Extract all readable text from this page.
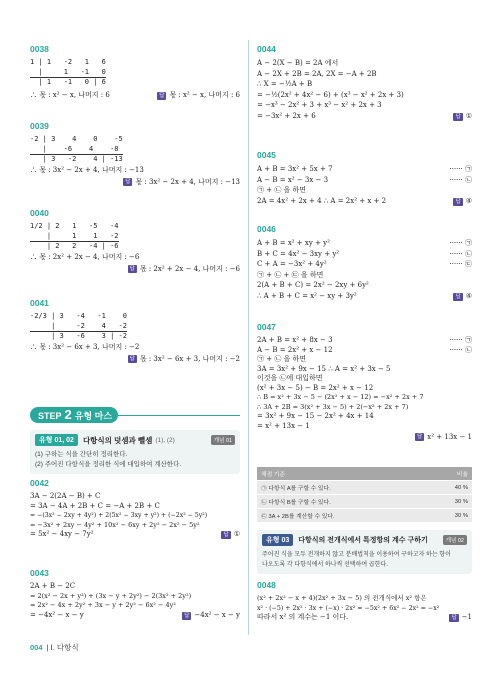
0038
1 | 1   -2   1   6
|     1   -1   0
| 1   -1   0 | 6
∴ 몫 : x² − x, 나머지 : 6	답 몫 : x² − x, 나머지 : 6
0039
-2 | 3    4    0    -5
|    -6    4    -8
| 3   -2    4 | -13
∴ 몫 : 3x² − 2x + 4, 나머지 : −13
답 몫 : 3x² − 2x + 4, 나머지 : −13
0040
1/2 | 2   1   -5   -4
|     1    1   -2
| 2   2   -4 | -6
∴ 몫 : 2x² + 2x − 4, 나머지 : −6
답 몫 : 2x² + 2x − 4, 나머지 : −6
0041
-2/3 | 3   -4   -1    0
|     -2    4   -2
| 3   -6    3 | -2
∴ 몫 : 3x² − 6x + 3, 나머지 : −2
답 몫 : 3x² − 6x + 3, 나머지 : −2
STEP 2 유형 마스
유형 01, 02	다항식의 덧셈과 뺄셈 (1), (2)	개념 01
(1) 구하는 식을 간단히 정리한다.
(2) 주어진 다항식을 정리한 식에 대입하여 계산한다.
0042
3A − 2(2A − B) + C
= 3A − 4A + 2B + C = −A + 2B + C
= −(3x² − 2xy + 4y²) + 2(5x² − 3xy + y²) + (−2x² − 5y²)
= −3x² + 2xy − 4y² + 10x² − 6xy + 2y² − 2x² − 5y²
= 5x² − 4xy − 7y²	답 ①
0043
2A + B − 2C
= 2(x² − 2x + y²) + (3x − y + 2y²) − 2(3x² + 2y²)
= 2x² − 4x + 2y² + 3x − y + 2y² − 6x² − 4y²
= −4x² − x − y	답 −4x² − x − y
0044
A − 2(X − B) = 2A 에서
A − 2X + 2B = 2A, 2X = −A + 2B
∴ X = −½A + B
= −½(2x² + 4x² − 6) + (x³ − x² + 2x + 3)
= −x³ − 2x² + 3 + x³ − x² + 2x + 3
= −3x² + 2x + 6	답 ①
0045
A + B = 3x² + 5x + 7	······ ㉠
A − B = x² − 3x − 3	······ ㉡
㉠ + ㉡ 을 하면
2A = 4x² + 2x + 4 ∴ A = 2x² + x + 2	답 ④
0046
A + B = x² + xy + y²	······ ㉠
B + C = 4x² − 3xy + y²	······ ㉡
C + A = −3x² + 4y²	······ ㉢
㉠ + ㉡ + ㉢ 을 하면
2(A + B + C) = 2x² − 2xy + 6y²
∴ A + B + C = x² − xy + 3y²	답 ④
0047
2A + B = x² + 8x − 3	······ ㉠
A − B = 2x² + x − 12	······ ㉡
㉠ + ㉡ 을 하면
3A = 3x² + 9x − 15 ∴ A = x² + 3x − 5
이것을 ㉡에 대입하면
(x² + 3x − 5) − B = 2x² + x − 12
∴ B = x² + 3x − 5 − (2x² + x − 12) = −x² + 2x + 7
∴ 3A + 2B = 3(x² + 3x − 5) + 2(−x² + 2x + 7)
= 3x² + 9x − 15 − 2x² + 4x + 14
= x² + 13x − 1
답 x² + 13x − 1
채점 기준	비율
㉠ 다항식 A를 구할 수 있다.	40 %
㉡ 다항식 B를 구할 수 있다.	30 %
㉢ 3A + 2B를 계산할 수 있다.	30 %
유형 03	다항식의 전개식에서 특정항의 계수 구하기	개념 02
주어진 식을 모두 전개하지 않고 분배법칙을 이용하여 구하고자 하는 항이
나오도록 각 다항식에서 하나씩 선택하여 곱한다.
0048
(x² + 2x² − x + 4)(2x² + 3x − 5) 의 전개식에서 x² 항은
x² · (−5) + 2x² · 3x + (−x) · 2x² = −5x² + 6x² − 2x² = −x²
따라서 x² 의 계수는 −1 이다.	답 −1
004 | Ⅰ. 다항식
